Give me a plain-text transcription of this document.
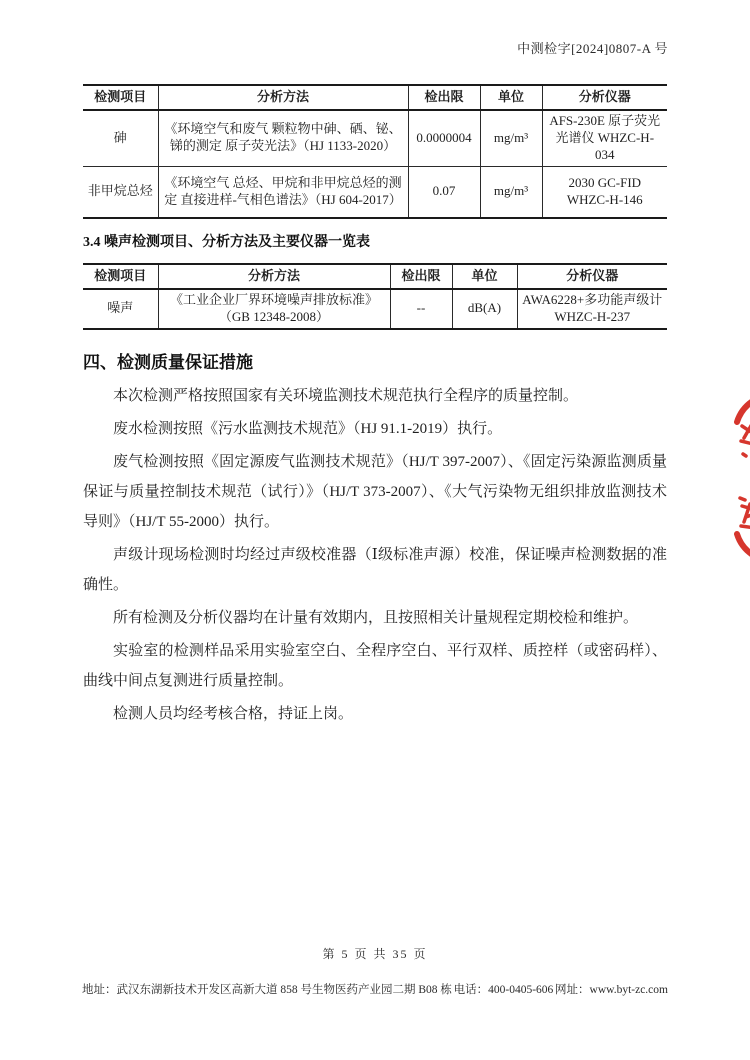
中测检字[2024]0807-A 号
检测项目	分析方法	检出限	单位	分析仪器
砷	《环境空气和废气 颗粒物中砷、硒、铋、锑的测定 原子荧光法》（HJ 1133-2020）	0.0000004	mg/m³	AFS-230E 原子荧光光谱仪 WHZC-H-034
非甲烷总烃	《环境空气 总烃、甲烷和非甲烷总烃的测定 直接进样-气相色谱法》（HJ 604-2017）	0.07	mg/m³	2030 GC-FID WHZC-H-146
3.4 噪声检测项目、分析方法及主要仪器一览表
检测项目	分析方法	检出限	单位	分析仪器
噪声	《工业企业厂界环境噪声排放标准》（GB 12348-2008）	--	dB(A)	AWA6228+多功能声级计 WHZC-H-237
四、检测质量保证措施

本次检测严格按照国家有关环境监测技术规范执行全程序的质量控制。

废水检测按照《污水监测技术规范》（HJ 91.1-2019）执行。

废气检测按照《固定源废气监测技术规范》（HJ/T 397-2007）、《固定污染源监测质量保证与质量控制技术规范（试行）》（HJ/T 373-2007）、《大气污染物无组织排放监测技术导则》（HJ/T 55-2000）执行。

声级计现场检测时均经过声级校准器（Ⅰ级标准声源）校准，保证噪声检测数据的准确性。

所有检测及分析仪器均在计量有效期内，且按照相关计量规程定期校检和维护。

实验室的检测样品采用实验室空白、全程序空白、平行双样、质控样（或密码样）、曲线中间点复测进行质量控制。

检测人员均经考核合格，持证上岗。

第 5 页 共 35 页
地址：武汉东湖新技术开发区高新大道 858 号生物医药产业园二期 B08 栋 电话：400-0405-606 网址：www.byt-zc.com
